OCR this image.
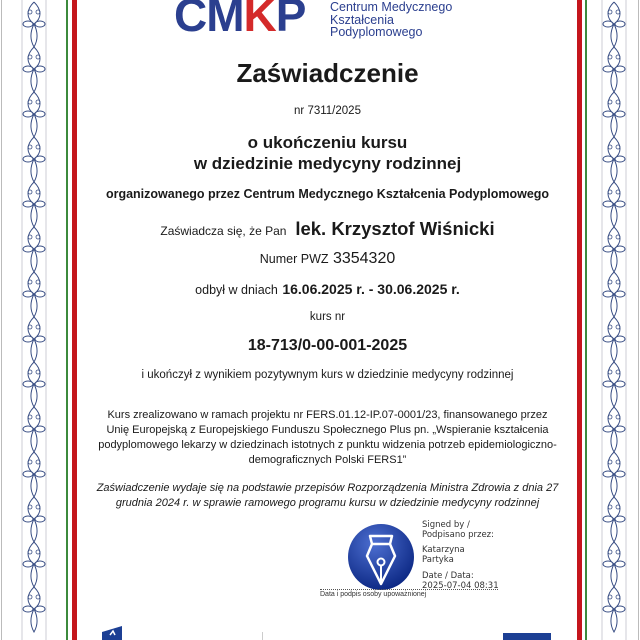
CMKP Centrum Medycznego
Kształcenia
Podyplomowego
Zaświadczenie
nr 7311/2025
o ukończeniu kursu
w dziedzinie medycyny rodzinnej
organizowanego przez Centrum Medycznego Kształcenia Podyplomowego
Zaświadcza się, że Pan lek. Krzysztof Wiśnicki
Numer PWZ 3354320
odbył w dniach 16.06.2025 r. - 30.06.2025 r.
kurs nr
18-713/0-00-001-2025
i ukończył z wynikiem pozytywnym kurs w dziedzinie medycyny rodzinnej
Kurs zrealizowano w ramach projektu nr FERS.01.12-IP.07-0001/23, finansowanego przez
Unię Europejską z Europejskiego Funduszu Społecznego Plus pn. „Wspieranie kształcenia
podyplomowego lekarzy w dziedzinach istotnych z punktu widzenia potrzeb epidemiologiczno-
demograficznych Polski FERS1”
Zaświadczenie wydaje się na podstawie przepisów Rozporządzenia Ministra Zdrowia z dnia 27
grudnia 2024 r. w sprawie ramowego programu kursu w dziedzinie medycyny rodzinnej
Signed by /
Podpisano przez:
Katarzyna
Partyka
Date / Data:
2025-07-04 08:31
Data i podpis osoby upoważnionej
